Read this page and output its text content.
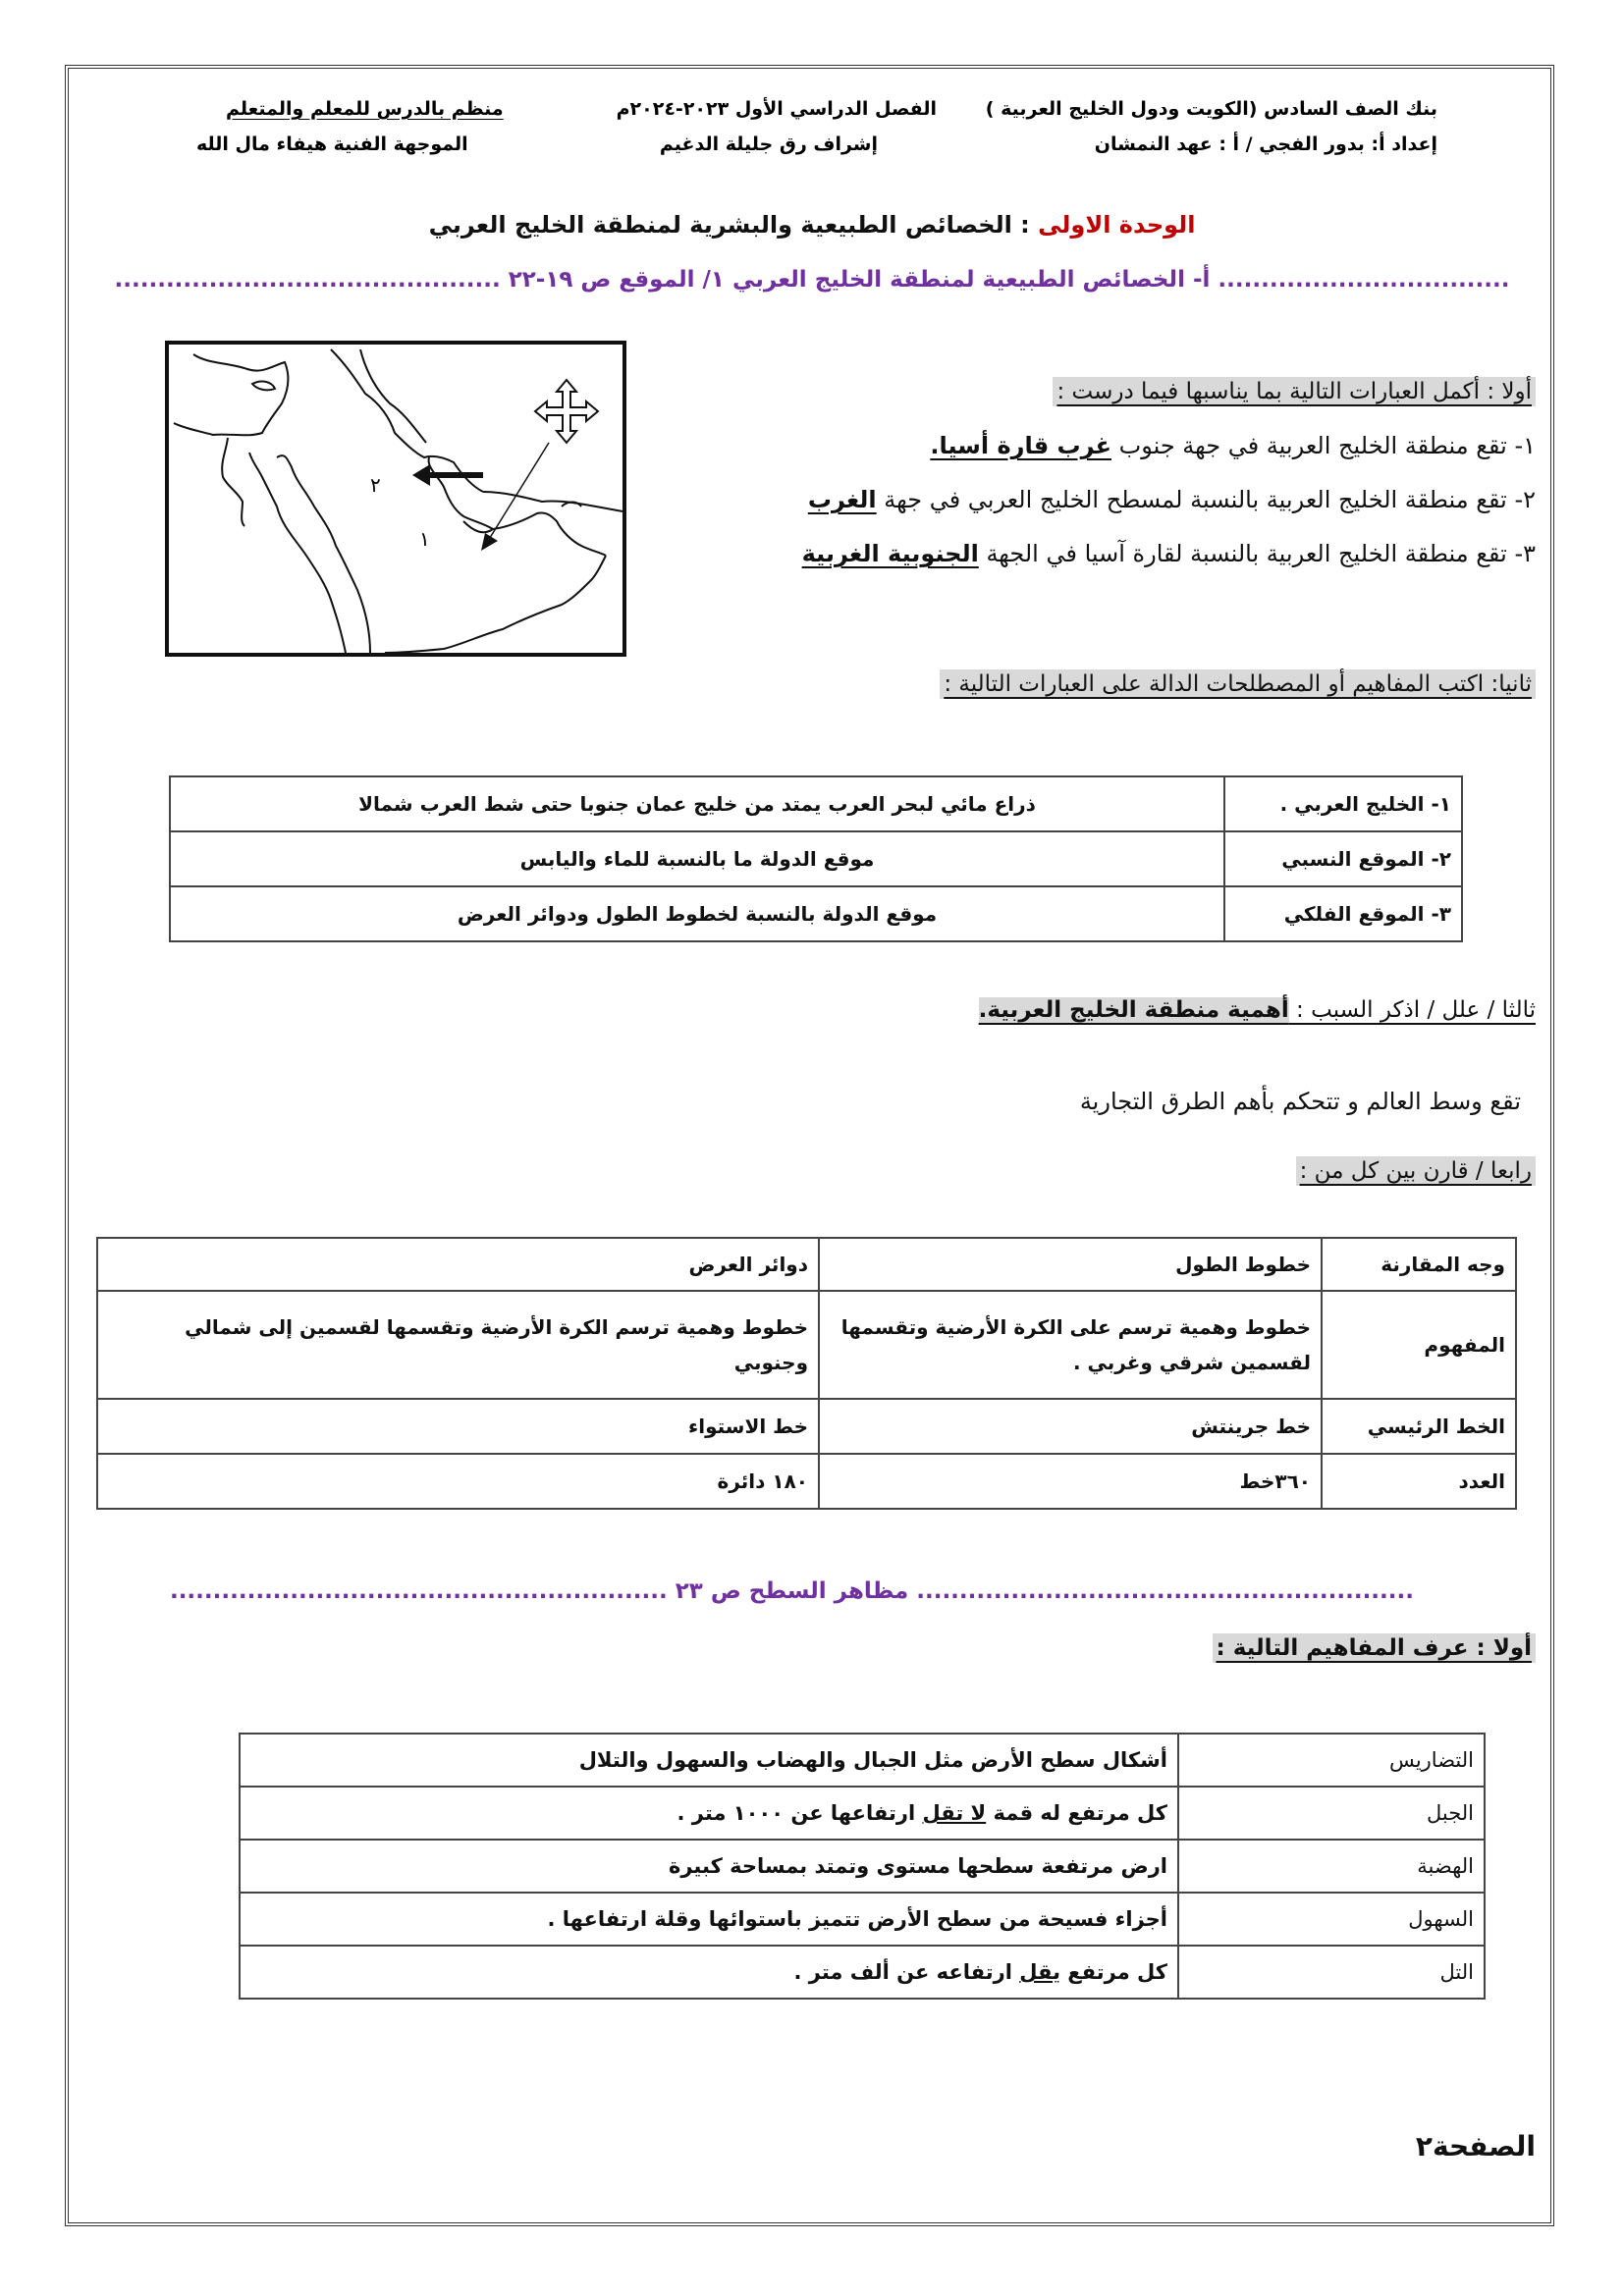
بنك الصف السادس (الكويت ودول الخليج العربية )
الفصل الدراسي الأول ٢٠٢٣-٢٠٢٤م
منظم بالدرس للمعلم والمتعلم
إعداد أ: بدور الفجي / أ : عهد النمشان
إشراف رق جليلة الدغيم
الموجهة الفنية هيفاء مال الله
الوحدة الاولى : الخصائص الطبيعية والبشرية لمنطقة الخليج العربي
.................................. أ- الخصائص الطبيعية لمنطقة الخليج العربي ١/ الموقع ص ١٩-٢٢ .............................................
٢
١
أولا : أكمل العبارات التالية بما يناسبها فيما درست :
١- تقع منطقة الخليج العربية في جهة جنوب غرب قارة أسيا.
٢- تقع منطقة الخليج العربية بالنسبة لمسطح الخليج العربي في جهة الغرب
٣- تقع منطقة الخليج العربية بالنسبة لقارة آسيا في الجهة الجنوبية الغربية
ثانيا: اكتب المفاهيم أو المصطلحات الدالة على العبارات التالية :
١- الخليج العربي .	ذراع مائي لبحر العرب يمتد من خليج عمان جنوبا حتى شط العرب شمالا
٢- الموقع النسبي	موقع الدولة ما بالنسبة للماء واليابس
٣- الموقع الفلكي	موقع الدولة بالنسبة لخطوط الطول ودوائر العرض
ثالثا / علل / اذكر السبب : أهمية منطقة الخليج العربية.
تقع وسط العالم و تتحكم بأهم الطرق التجارية
رابعا / قارن بين كل من :
وجه المقارنة	خطوط الطول	دوائر العرض
المفهوم	خطوط وهمية ترسم على الكرة الأرضية وتقسمها لقسمين شرقي وغربي .	خطوط وهمية ترسم الكرة الأرضية وتقسمها لقسمين إلى شمالي وجنوبي
الخط الرئيسي	خط جرينتش	خط الاستواء
العدد	٣٦٠خط	١٨٠ دائرة
.......................................................... مظاهر السطح ص ٢٣ ..........................................................
أولا : عرف المفاهيم التالية :
التضاريس	أشكال سطح الأرض مثل الجبال والهضاب والسهول والتلال
الجبل	كل مرتفع له قمة لا تقل ارتفاعها عن ١٠٠٠ متر .
الهضبة	ارض مرتفعة سطحها مستوى وتمتد بمساحة كبيرة
السهول	أجزاء فسيحة من سطح الأرض تتميز باستوائها وقلة ارتفاعها .
التل	كل مرتفع يقل ارتفاعه عن ألف متر .
الصفحة٢
